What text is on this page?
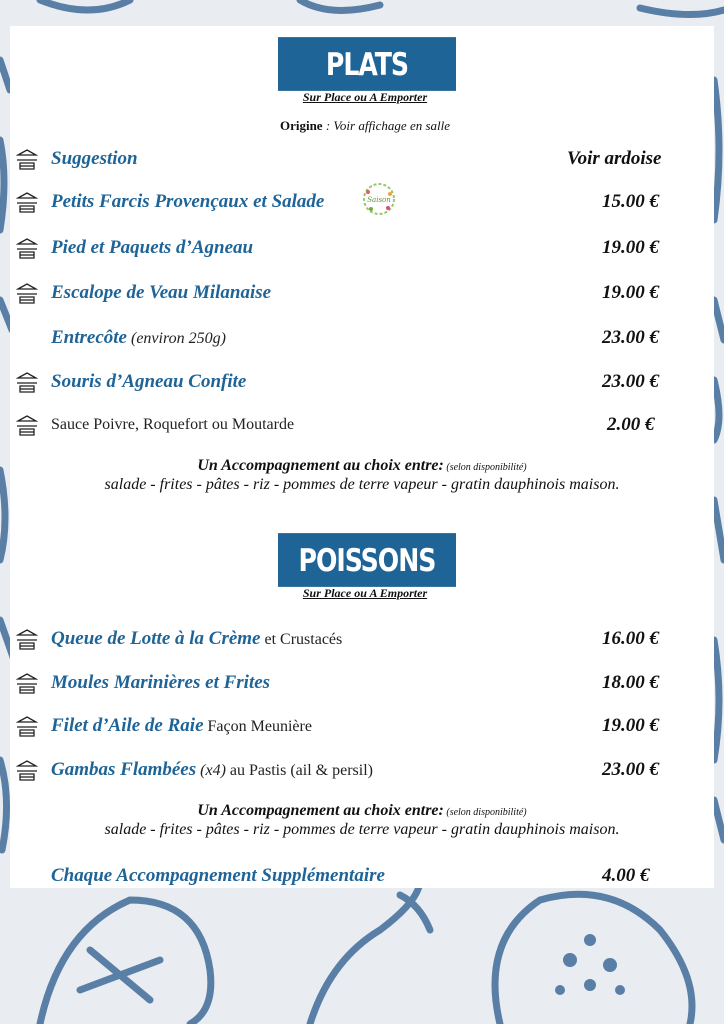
PLATS
Sur Place ou A Emporter
Origine : Voir affichage en salle
Suggestion	Voir ardoise
Petits Farcis Provençaux et Salade	15.00 €
Saison
Pied et Paquets d’Agneau	19.00 €
Escalope de Veau Milanaise	19.00 €
Entrecôte (environ 250g)	23.00 €
Souris d’Agneau Confite	23.00 €
Sauce Poivre, Roquefort ou Moutarde	2.00 €
Un Accompagnement au choix entre: (selon disponibilité)
salade - frites - pâtes - riz - pommes de terre vapeur - gratin dauphinois maison.
POISSONS
Sur Place ou A Emporter
Queue de Lotte à la Crème et Crustacés	16.00 €
Moules Marinières et Frites	18.00 €
Filet d’Aile de Raie Façon Meunière	19.00 €
Gambas Flambées (x4) au Pastis (ail & persil)	23.00 €
Un Accompagnement au choix entre: (selon disponibilité)
salade - frites - pâtes - riz - pommes de terre vapeur - gratin dauphinois maison.
Chaque Accompagnement Supplémentaire	4.00 €
